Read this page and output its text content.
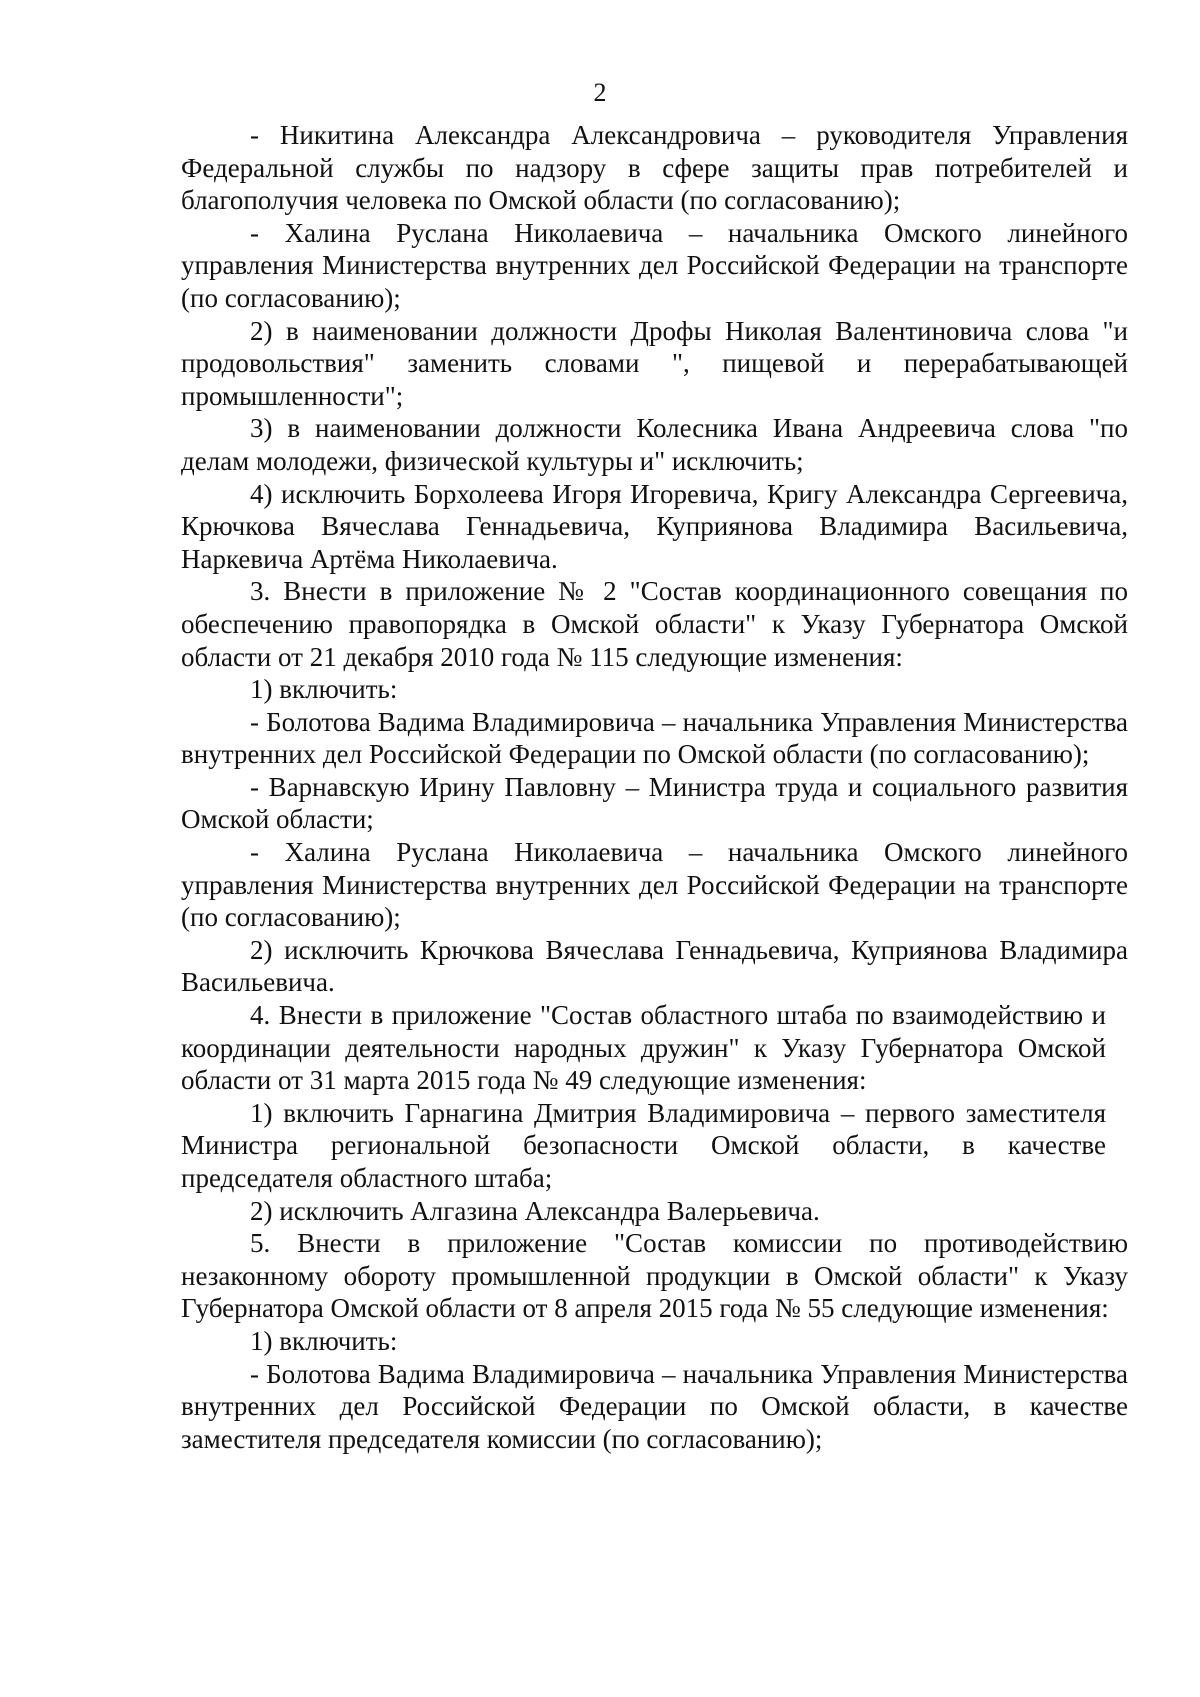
2

- Никитина Александра Александровича – руководителя Управления Федеральной службы по надзору в сфере защиты прав потребителей и благополучия человека по Омской области (по согласованию);

- Халина Руслана Николаевича – начальника Омского линейного управления Министерства внутренних дел Российской Федерации на транспорте (по согласованию);

2) в наименовании должности Дрофы Николая Валентиновича слова "и продовольствия" заменить словами ", пищевой и перерабатывающей промышленности";

3) в наименовании должности Колесника Ивана Андреевича слова "по делам молодежи, физической культуры и" исключить;

4) исключить Борхолеева Игоря Игоревича, Кригу Александра Сергеевича, Крючкова Вячеслава Геннадьевича, Куприянова Владимира Васильевича, Наркевича Артёма Николаевича.

3. Внести в приложение № 2 "Состав координационного совещания по обеспечению правопорядка в Омской области" к Указу Губернатора Омской области от 21 декабря 2010 года № 115 следующие изменения:

1) включить:

- Болотова Вадима Владимировича – начальника Управления Министерства внутренних дел Российской Федерации по Омской области (по согласованию);

- Варнавскую Ирину Павловну – Министра труда и социального развития Омской области;

- Халина Руслана Николаевича – начальника Омского линейного управления Министерства внутренних дел Российской Федерации на транспорте (по согласованию);

2) исключить Крючкова Вячеслава Геннадьевича, Куприянова Владимира Васильевича.

4. Внести в приложение "Состав областного штаба по взаимодействию и координации деятельности народных дружин" к Указу Губернатора Омской области от 31 марта 2015 года № 49 следующие изменения:

1) включить Гарнагина Дмитрия Владимировича – первого заместителя Министра региональной безопасности Омской области, в качестве председателя областного штаба;

2) исключить Алгазина Александра Валерьевича.

5. Внести в приложение "Состав комиссии по противодействию незаконному обороту промышленной продукции в Омской области" к Указу Губернатора Омской области от 8 апреля 2015 года № 55 следующие изменения:

1) включить:

- Болотова Вадима Владимировича – начальника Управления Министерства внутренних дел Российской Федерации по Омской области, в качестве заместителя председателя комиссии (по согласованию);
